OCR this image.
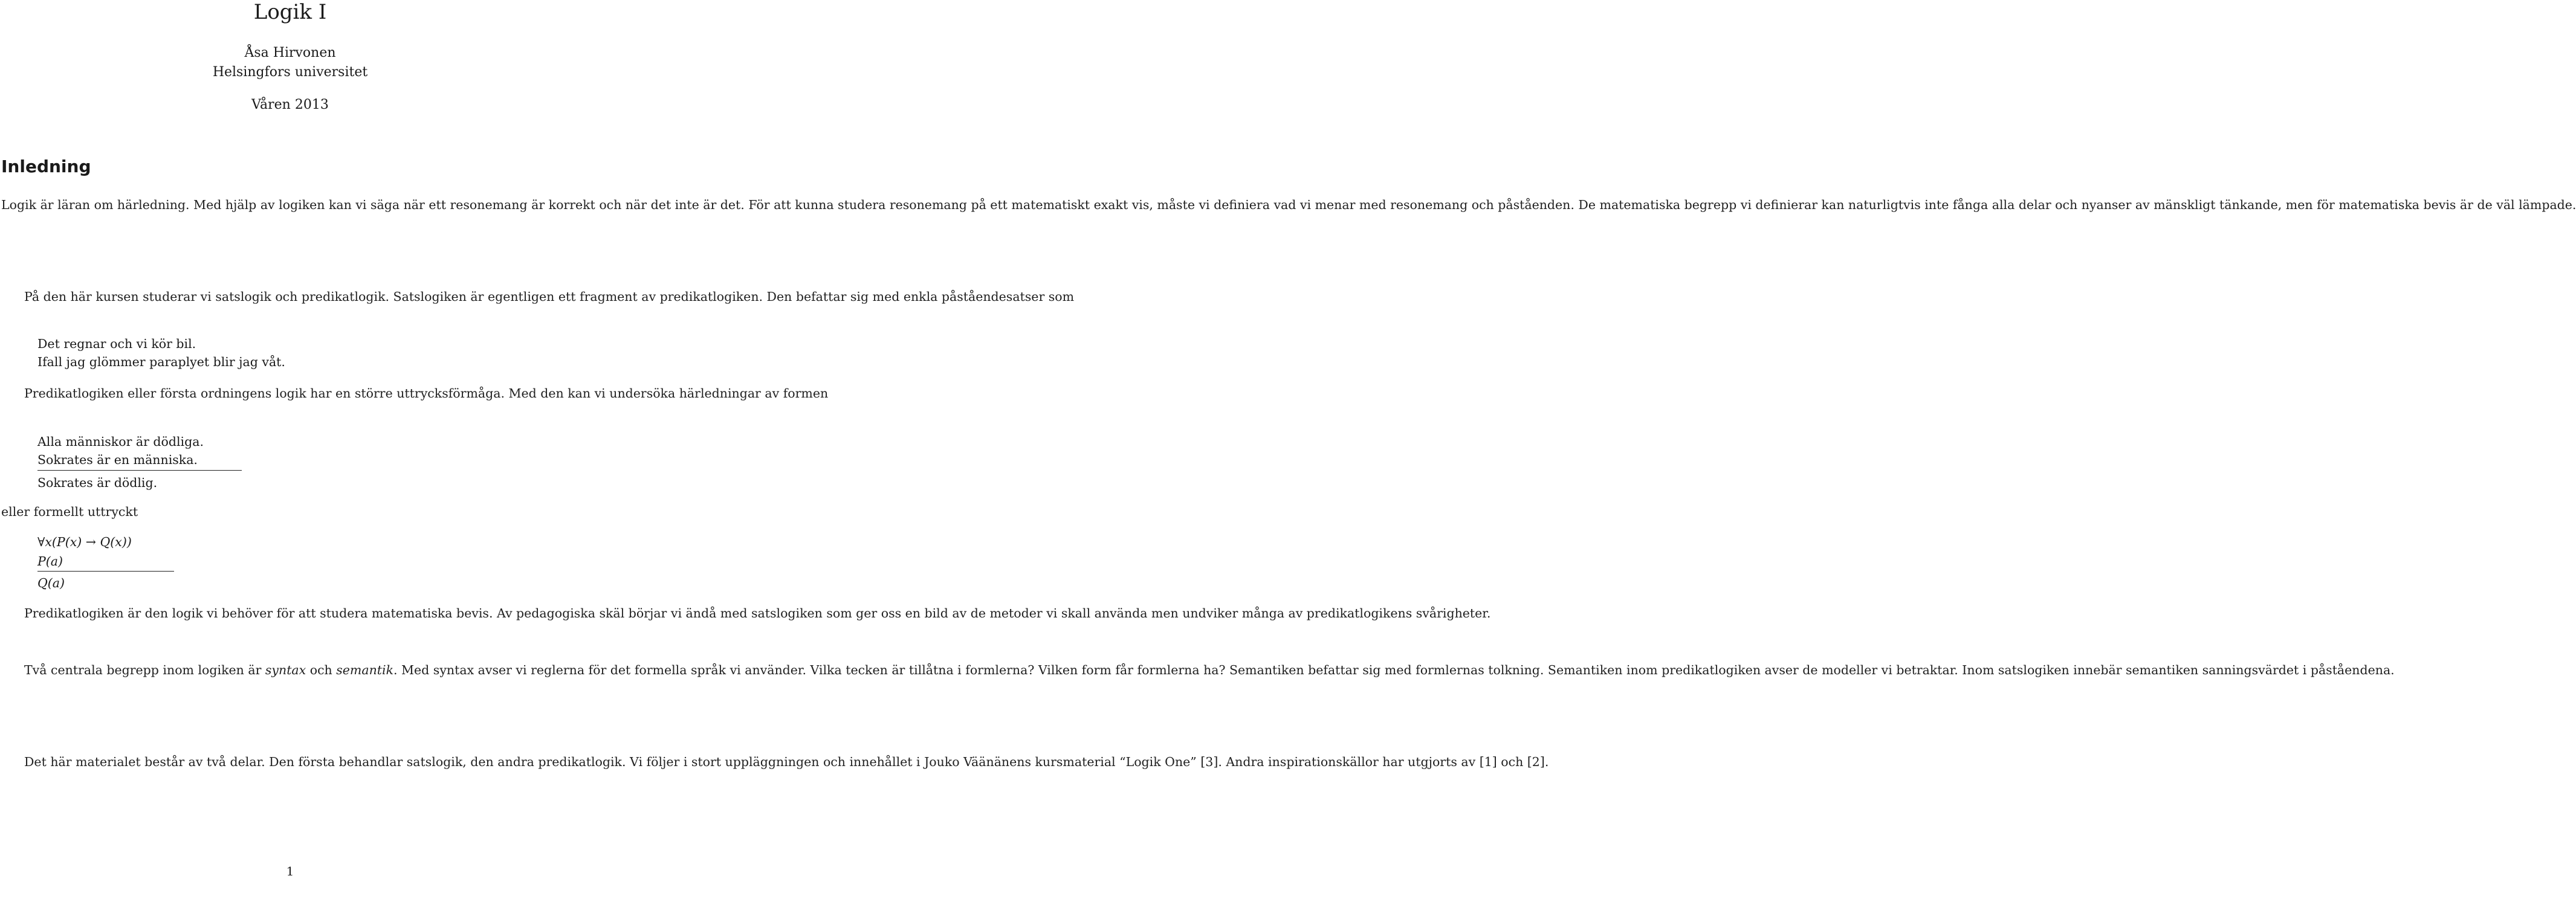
Logik I
Åsa Hirvonen
Helsingfors universitet
Våren 2013
Inledning

Logik är läran om härledning. Med hjälp av logiken kan vi säga när ett resonemang är korrekt och när det inte är det. För att kunna studera resonemang på ett matematiskt exakt vis, måste vi definiera vad vi menar med resonemang och påståenden. De matematiska begrepp vi definierar kan naturligtvis inte fånga alla delar och nyanser av mänskligt tänkande, men för matematiska bevis är de väl lämpade.

På den här kursen studerar vi satslogik och predikatlogik. Satslogiken är egentligen ett fragment av predikatlogiken. Den befattar sig med enkla påståendesatser som

Det regnar och vi kör bil.
Ifall jag glömmer paraplyet blir jag våt.

Predikatlogiken eller första ordningens logik har en större uttrycksförmåga. Med den kan vi undersöka härledningar av formen

Alla människor är dödliga.
Sokrates är en människa.
Sokrates är dödlig.

eller formellt uttryckt

∀x(P(x) → Q(x))
P(a)
Q(a)

Predikatlogiken är den logik vi behöver för att studera matematiska bevis. Av pedagogiska skäl börjar vi ändå med satslogiken som ger oss en bild av de metoder vi skall använda men undviker många av predikatlogikens svårigheter.

Två centrala begrepp inom logiken är syntax och semantik. Med syntax avser vi reglerna för det formella språk vi använder. Vilka tecken är tillåtna i formlerna? Vilken form får formlerna ha? Semantiken befattar sig med formlernas tolkning. Semantiken inom predikatlogiken avser de modeller vi betraktar. Inom satslogiken innebär semantiken sanningsvärdet i påståendena.

Det här materialet består av två delar. Den första behandlar satslogik, den andra predikatlogik. Vi följer i stort uppläggningen och innehållet i Jouko Väänänens kursmaterial “Logik One” [3]. Andra inspirationskällor har utgjorts av [1] och [2].

1
